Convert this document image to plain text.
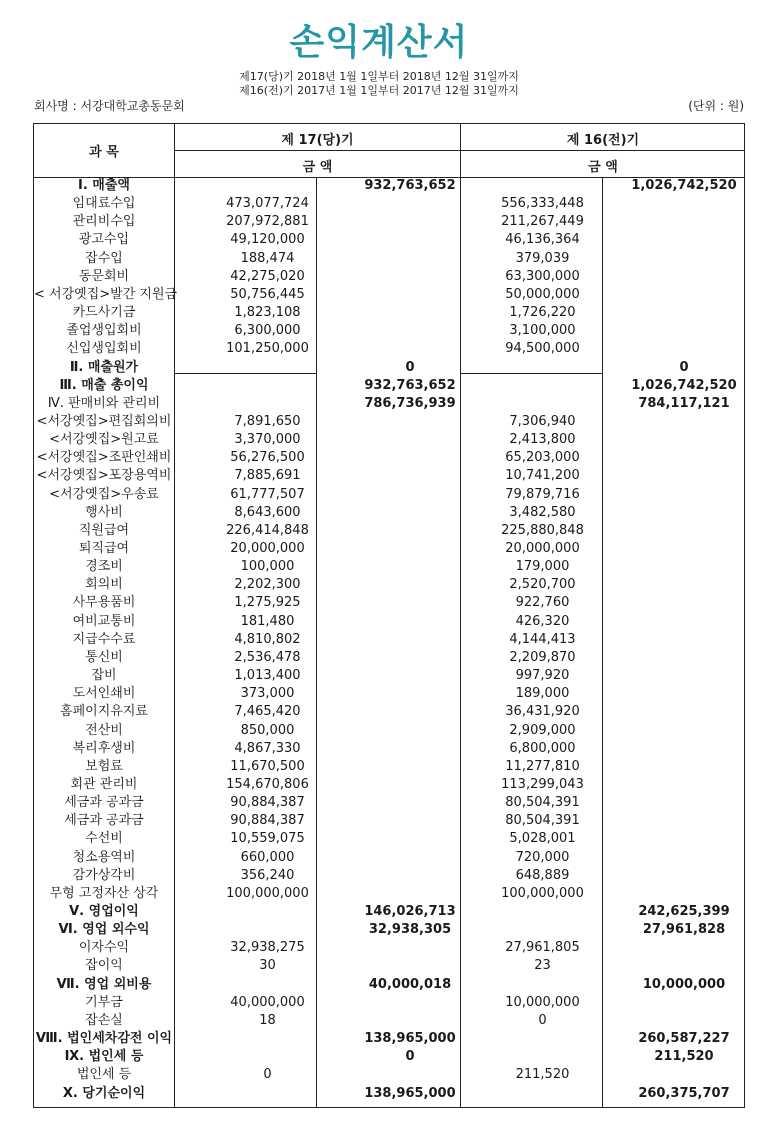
손익계산서
제17(당)기 2018년 1월 1일부터 2018년 12월 31일까지
제16(전)기 2017년 1월 1일부터 2017년 12월 31일까지
회사명 : 서강대학교총동문회	(단위 : 원)
과 목
제 17(당)기	제 16(전)기
금 액	금 액
Ⅰ. 매출액	932,763,652	1,026,742,520
임대료수입	473,077,724	556,333,448
관리비수입	207,972,881	211,267,449
광고수입	49,120,000	46,136,364
잡수입	188,474	379,039
동문회비	42,275,020	63,300,000
< 서강옛집>발간 지원금	50,756,445	50,000,000
카드사기금	1,823,108	1,726,220
졸업생입회비	6,300,000	3,100,000
신입생입회비	101,250,000	94,500,000
Ⅱ. 매출원가	0	0
Ⅲ. 매출 총이익	932,763,652	1,026,742,520
Ⅳ. 판매비와 관리비	786,736,939	784,117,121
<서강옛집>편집회의비	7,891,650	7,306,940
<서강옛집>원고료	3,370,000	2,413,800
<서강옛집>조판인쇄비	56,276,500	65,203,000
<서강옛집>포장용역비	7,885,691	10,741,200
<서강옛집>우송료	61,777,507	79,879,716
행사비	8,643,600	3,482,580
직원급여	226,414,848	225,880,848
퇴직급여	20,000,000	20,000,000
경조비	100,000	179,000
회의비	2,202,300	2,520,700
사무용품비	1,275,925	922,760
여비교통비	181,480	426,320
지급수수료	4,810,802	4,144,413
통신비	2,536,478	2,209,870
잡비	1,013,400	997,920
도서인쇄비	373,000	189,000
홈페이지유지료	7,465,420	36,431,920
전산비	850,000	2,909,000
복리후생비	4,867,330	6,800,000
보험료	11,670,500	11,277,810
회관 관리비	154,670,806	113,299,043
세금과 공과금	90,884,387	80,504,391
세금과 공과금	90,884,387	80,504,391
수선비	10,559,075	5,028,001
청소용역비	660,000	720,000
감가상각비	356,240	648,889
무형 고정자산 상각	100,000,000	100,000,000
Ⅴ. 영업이익	146,026,713	242,625,399
Ⅵ. 영업 외수익	32,938,305	27,961,828
이자수익	32,938,275	27,961,805
잡이익	30	23
Ⅶ. 영업 외비용	40,000,018	10,000,000
기부금	40,000,000	10,000,000
잡손실	18	0
Ⅷ. 법인세차감전 이익	138,965,000	260,587,227
Ⅸ. 법인세 등	0	211,520
법인세 등	0	211,520
Ⅹ. 당기순이익	138,965,000	260,375,707
